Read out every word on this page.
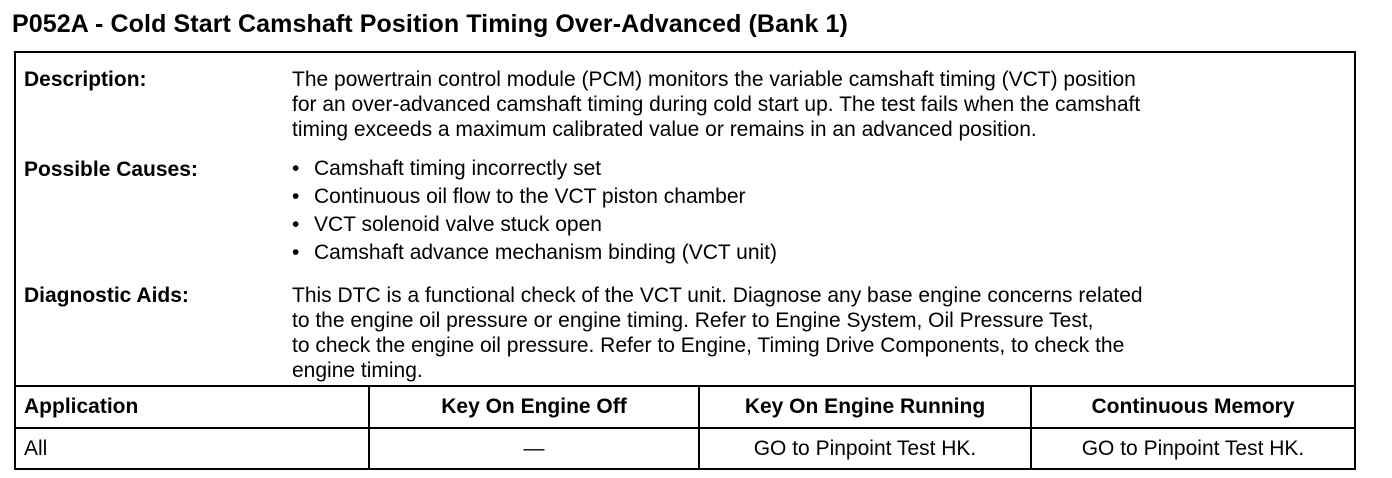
P052A - Cold Start Camshaft Position Timing Over-Advanced (Bank 1)
Description:	The powertrain control module (PCM) monitors the variable camshaft timing (VCT) position
for an over-advanced camshaft timing during cold start up. The test fails when the camshaft
timing exceeds a maximum calibrated value or remains in an advanced position.
Possible Causes:	• Camshaft timing incorrectly set
• Continuous oil flow to the VCT piston chamber
• VCT solenoid valve stuck open
• Camshaft advance mechanism binding (VCT unit)
Diagnostic Aids:	This DTC is a functional check of the VCT unit. Diagnose any base engine concerns related
to the engine oil pressure or engine timing. Refer to Engine System, Oil Pressure Test,
to check the engine oil pressure. Refer to Engine, Timing Drive Components, to check the
engine timing.
Application	Key On Engine Off	Key On Engine Running	Continuous Memory
All	—	GO to Pinpoint Test HK.	GO to Pinpoint Test HK.
